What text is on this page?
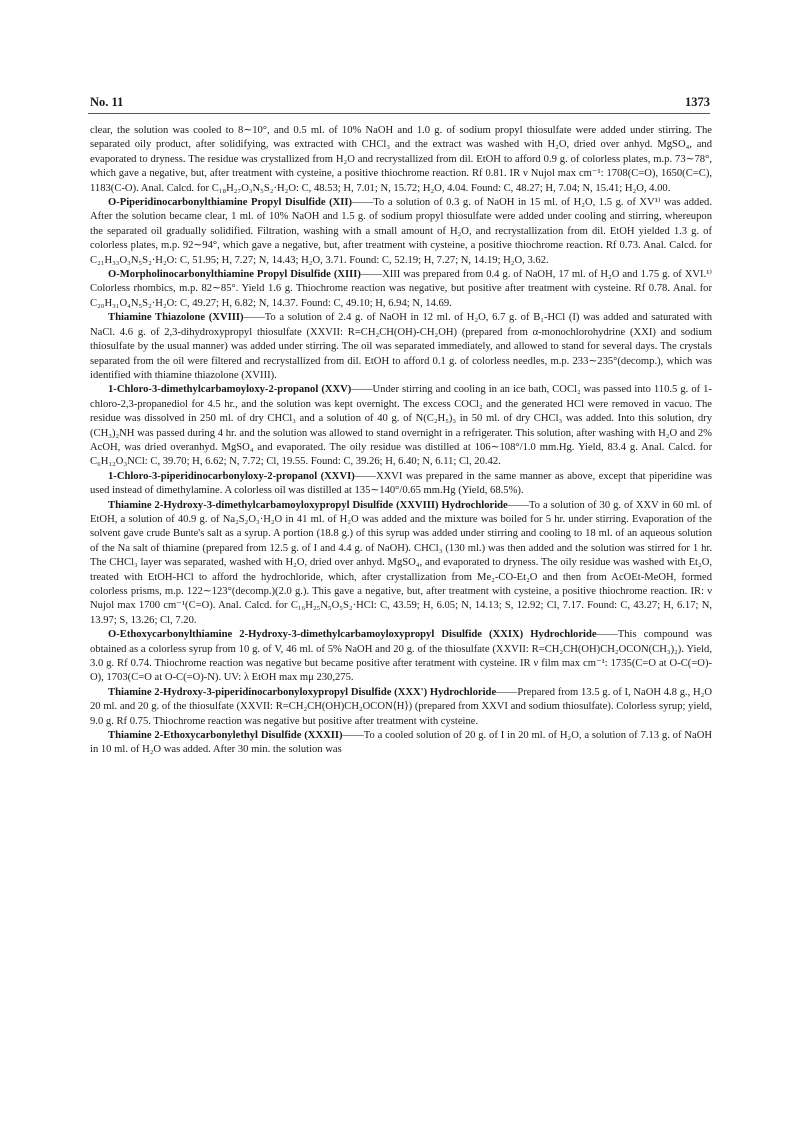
No. 11	1373

clear, the solution was cooled to 8∼10°, and 0.5 ml. of 10% NaOH and 1.0 g. of sodium propyl thiosulfate were added under stirring. The separated oily product, after solidifying, was extracted with CHCl₃ and the extract was washed with H₂O, dried over anhyd. MgSO₄, and evaporated to dryness. The residue was crystallized from H₂O and recrystallized from dil. EtOH to afford 0.9 g. of colorless plates, m.p. 73∼78°, which gave a negative, but, after treatment with cysteine, a positive thiochrome reaction. Rf 0.81. IR ν Nujol max cm⁻¹: 1708(C=O), 1650(C=C), 1183(C-O). Anal. Calcd. for C₁₈H₂₇O₃N₅S₂·H₂O: C, 48.53; H, 7.01; N, 15.72; H₂O, 4.04. Found: C, 48.27; H, 7.04; N, 15.41; H₂O, 4.00.

O-Piperidinocarbonylthiamine Propyl Disulfide (XII)——To a solution of 0.3 g. of NaOH in 15 ml. of H₂O, 1.5 g. of XV¹⁾ was added. After the solution became clear, 1 ml. of 10% NaOH and 1.5 g. of sodium propyl thiosulfate were added under cooling and stirring, whereupon the separated oil gradually solidified. Filtration, washing with a small amount of H₂O, and recrystallization from dil. EtOH yielded 1.3 g. of colorless plates, m.p. 92∼94°, which gave a negative, but, after treatment with cysteine, a positive thiochrome reaction. Rf 0.73. Anal. Calcd. for C₂₁H₃₃O₃N₅S₂·H₂O: C, 51.95; H, 7.27; N, 14.43; H₂O, 3.71. Found: C, 52.19; H, 7.27; N, 14.19; H₂O, 3.62.

O-Morpholinocarbonylthiamine Propyl Disulfide (XIII)——XIII was prepared from 0.4 g. of NaOH, 17 ml. of H₂O and 1.75 g. of XVI.¹⁾ Colorless rhombics, m.p. 82∼85°. Yield 1.6 g. Thiochrome reaction was negative, but positive after treatment with cysteine. Rf 0.78. Anal. for C₂₀H₃₁O₄N₅S₂·H₂O: C, 49.27; H, 6.82; N, 14.37. Found: C, 49.10; H, 6.94; N, 14.69.

Thiamine Thiazolone (XVIII)——To a solution of 2.4 g. of NaOH in 12 ml. of H₂O, 6.7 g. of B₁-HCl (I) was added and saturated with NaCl. 4.6 g. of 2,3-dihydroxypropyl thiosulfate (XXVII: R=CH₂CH(OH)-CH₂OH) (prepared from α-monochlorohydrine (XXI) and sodium thiosulfate by the usual manner) was added under stirring. The oil was separated immediately, and allowed to stand for several days. The crystals separated from the oil were filtered and recrystallized from dil. EtOH to afford 0.1 g. of colorless needles, m.p. 233∼235°(decomp.), which was identified with thiamine thiazolone (XVIII).

1-Chloro-3-dimethylcarbamoyloxy-2-propanol (XXV)——Under stirring and cooling in an ice bath, COCl₂ was passed into 110.5 g. of 1-chloro-2,3-propanediol for 4.5 hr., and the solution was kept overnight. The excess COCl₂ and the generated HCl were removed in vacuo. The residue was dissolved in 250 ml. of dry CHCl₃ and a solution of 40 g. of N(C₂H₅)₃ in 50 ml. of dry CHCl₃ was added. Into this solution, dry (CH₃)₂NH was passed during 4 hr. and the solution was allowed to stand overnight in a refrigerater. This solution, after washing with H₂O and 2% AcOH, was dried overanhyd. MgSO₄ and evaporated. The oily residue was distilled at 106∼108°/1.0 mm.Hg. Yield, 83.4 g. Anal. Calcd. for C₆H₁₂O₃NCl: C, 39.70; H, 6.62; N, 7.72; Cl, 19.55. Found: C, 39.26; H, 6.40; N, 6.11; Cl, 20.42.

1-Chloro-3-piperidinocarbonyloxy-2-propanol (XXVI)——XXVI was prepared in the same manner as above, except that piperidine was used instead of dimethylamine. A colorless oil was distilled at 135∼140°/0.65 mm.Hg (Yield, 68.5%).

Thiamine 2-Hydroxy-3-dimethylcarbamoyloxypropyl Disulfide (XXVIII) Hydrochloride——To a solution of 30 g. of XXV in 60 ml. of EtOH, a solution of 40.9 g. of Na₂S₂O₃·H₂O in 41 ml. of H₂O was added and the mixture was boiled for 5 hr. under stirring. Evaporation of the solvent gave crude Bunte's salt as a syrup. A portion (18.8 g.) of this syrup was added under stirring and cooling to 18 ml. of an aqueous solution of the Na salt of thiamine (prepared from 12.5 g. of I and 4.4 g. of NaOH). CHCl₃ (130 ml.) was then added and the solution was stirred for 1 hr. The CHCl₃ layer was separated, washed with H₂O, dried over anhyd. MgSO₄, and evaporated to dryness. The oily residue was washed with Et₂O, treated with EtOH-HCl to afford the hydrochloride, which, after crystallization from Me₂-CO-Et₂O and then from AcOEt-MeOH, formed colorless prisms, m.p. 122∼123°(decomp.)(2.0 g.). This gave a negative, but, after treatment with cysteine, a positive thiochrome reaction. IR: ν Nujol max 1700 cm⁻¹(C=O). Anal. Calcd. for C₁₆H₂₅N₅O₅S₂·HCl: C, 43.59; H, 6.05; N, 14.13; S, 12.92; Cl, 7.17. Found: C, 43.27; H, 6.17; N, 13.97; S, 13.26; Cl, 7.20.

O-Ethoxycarbonylthiamine 2-Hydroxy-3-dimethylcarbamoyloxypropyl Disulfide (XXIX) Hydrochloride——This compound was obtained as a colorless syrup from 10 g. of V, 46 ml. of 5% NaOH and 20 g. of the thiosulfate (XXVII: R=CH₂CH(OH)CH₂OCON(CH₃)₂). Yield, 3.0 g. Rf 0.74. Thiochrome reaction was negative but became positive after teratment with cysteine. IR ν film max cm⁻¹: 1735(C=O at O-C(=O)-O), 1703(C=O at O-C(=O)-N). UV: λ EtOH max mμ 230,275.

Thiamine 2-Hydroxy-3-piperidinocarbonyloxypropyl Disulfide (XXX') Hydrochloride——Prepared from 13.5 g. of I, NaOH 4.8 g., H₂O 20 ml. and 20 g. of the thiosulfate (XXVII: R=CH₂CH(OH)CH₂OCON⟨H⟩) (prepared from XXVI and sodium thiosulfate). Colorless syrup; yield, 9.0 g. Rf 0.75. Thiochrome reaction was negative but positive after treatment with cysteine.

Thiamine 2-Ethoxycarbonylethyl Disulfide (XXXII)——To a cooled solution of 20 g. of I in 20 ml. of H₂O, a solution of 7.13 g. of NaOH in 10 ml. of H₂O was added. After 30 min. the solution was
